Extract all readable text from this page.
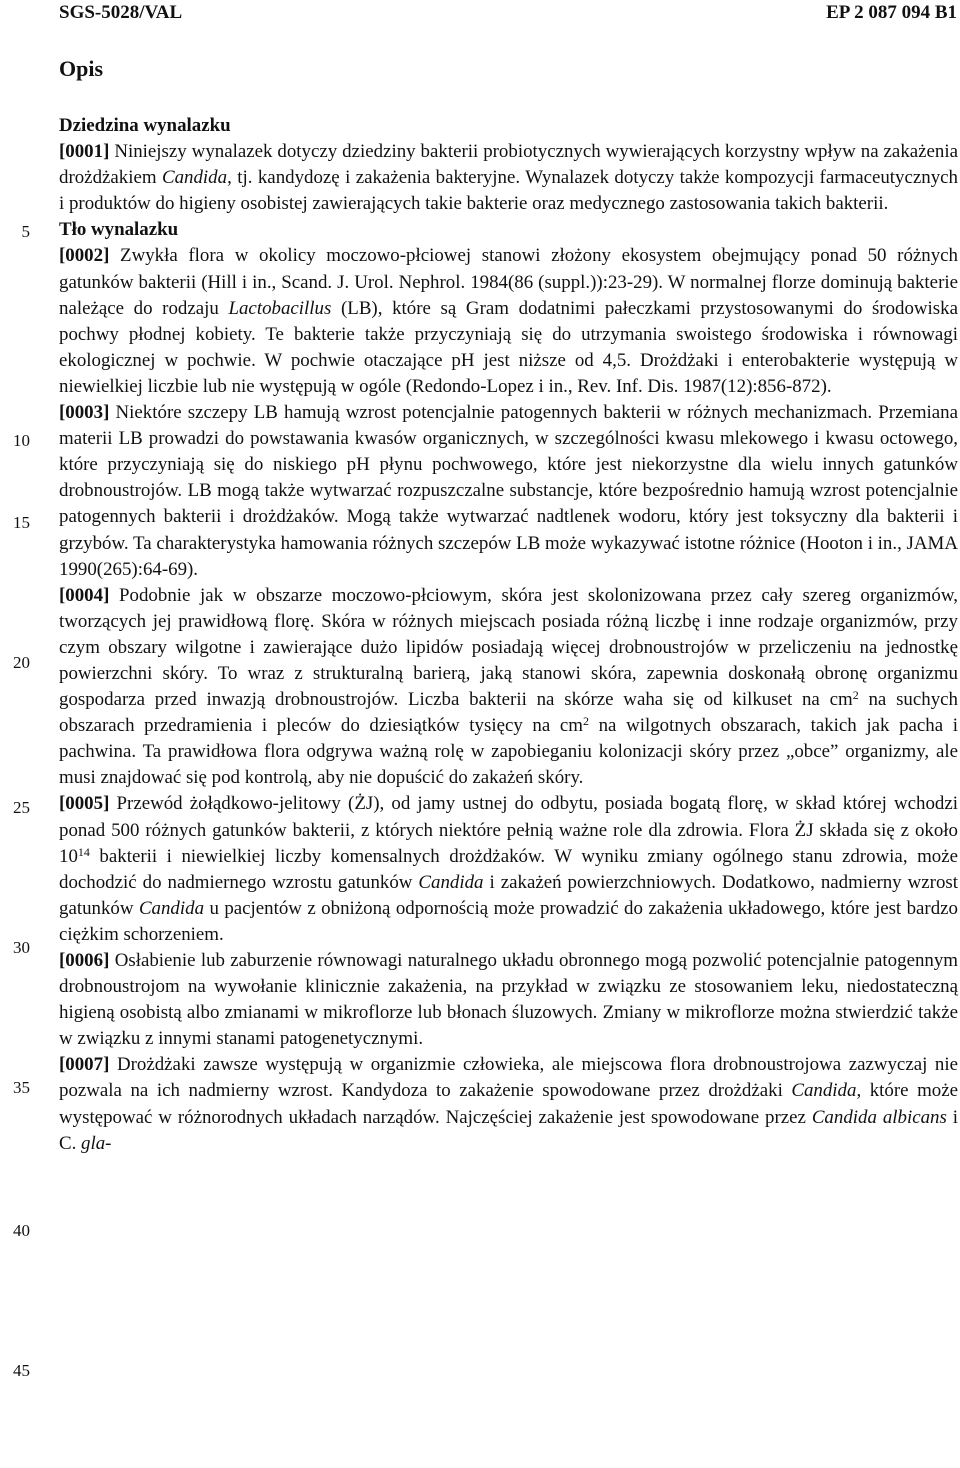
SGS-5028/VAL	EP 2 087 094 B1
Opis
5
10
15
20
25
30
35
40
45
Dziedzina wynalazku

[0001] Niniejszy wynalazek dotyczy dziedziny bakterii probiotycznych wywierających korzystny wpływ na zakażenia drożdżakiem Candida, tj. kandydozę i zakażenia bakteryjne. Wynalazek dotyczy także kompozycji farmaceutycznych i produktów do higieny osobistej zawierających takie bakterie oraz medycznego zastosowania takich bakterii.

Tło wynalazku

[0002] Zwykła flora w okolicy moczowo-płciowej stanowi złożony ekosystem obejmujący ponad 50 różnych gatunków bakterii (Hill i in., Scand. J. Urol. Nephrol. 1984(86 (suppl.)):23-29). W normalnej florze dominują bakterie należące do rodzaju Lactobacillus (LB), które są Gram dodatnimi pałeczkami przystosowanymi do środowiska pochwy płodnej kobiety. Te bakterie także przyczyniają się do utrzymania swoistego środowiska i równowagi ekologicznej w pochwie. W pochwie otaczające pH jest niższe od 4,5. Drożdżaki i enterobakterie występują w niewielkiej liczbie lub nie występują w ogóle (Redondo-Lopez i in., Rev. Inf. Dis. 1987(12):856-872).

[0003] Niektóre szczepy LB hamują wzrost potencjalnie patogennych bakterii w różnych mechanizmach. Przemiana materii LB prowadzi do powstawania kwasów organicznych, w szczególności kwasu mlekowego i kwasu octowego, które przyczyniają się do niskiego pH płynu pochwowego, które jest niekorzystne dla wielu innych gatunków drobnoustrojów. LB mogą także wytwarzać rozpuszczalne substancje, które bezpośrednio hamują wzrost potencjalnie patogennych bakterii i drożdżaków. Mogą także wytwarzać nadtlenek wodoru, który jest toksyczny dla bakterii i grzybów. Ta charakterystyka hamowania różnych szczepów LB może wykazywać istotne różnice (Hooton i in., JAMA 1990(265):64-69).

[0004] Podobnie jak w obszarze moczowo-płciowym, skóra jest skolonizowana przez cały szereg organizmów, tworzących jej prawidłową florę. Skóra w różnych miejscach posiada różną liczbę i inne rodzaje organizmów, przy czym obszary wilgotne i zawierające dużo lipidów posiadają więcej drobnoustrojów w przeliczeniu na jednostkę powierzchni skóry. To wraz z strukturalną barierą, jaką stanowi skóra, zapewnia doskonałą obronę organizmu gospodarza przed inwazją drobnoustrojów. Liczba bakterii na skórze waha się od kilkuset na $cm^2$ na suchych obszarach przedramienia i pleców do dziesiątków tysięcy na $cm^2$ na wilgotnych obszarach, takich jak pacha i pachwina. Ta prawidłowa flora odgrywa ważną rolę w zapobieganiu kolonizacji skóry przez „obce” organizmy, ale musi znajdować się pod kontrolą, aby nie dopuścić do zakażeń skóry.

[0005] Przewód żołądkowo-jelitowy (ŻJ), od jamy ustnej do odbytu, posiada bogatą florę, w skład której wchodzi ponad 500 różnych gatunków bakterii, z których niektóre pełnią ważne role dla zdrowia. Flora ŻJ składa się z około $10^{14}$ bakterii i niewielkiej liczby komensalnych drożdżaków. W wyniku zmiany ogólnego stanu zdrowia, może dochodzić do nadmiernego wzrostu gatunków Candida i zakażeń powierzchniowych. Dodatkowo, nadmierny wzrost gatunków Candida u pacjentów z obniżoną odpornością może prowadzić do zakażenia układowego, które jest bardzo ciężkim schorzeniem.

[0006] Osłabienie lub zaburzenie równowagi naturalnego układu obronnego mogą pozwolić potencjalnie patogennym drobnoustrojom na wywołanie klinicznie zakażenia, na przykład w związku ze stosowaniem leku, niedostateczną higieną osobistą albo zmianami w mikroflorze lub błonach śluzowych. Zmiany w mikroflorze można stwierdzić także w związku z innymi stanami patogenetycznymi.

[0007] Drożdżaki zawsze występują w organizmie człowieka, ale miejscowa flora drobnoustrojowa zazwyczaj nie pozwala na ich nadmierny wzrost. Kandydoza to zakażenie spowodowane przez drożdżaki Candida, które może występować w różnorodnych układach narządów. Najczęściej zakażenie jest spowodowane przez Candida albicans i C. gla-
